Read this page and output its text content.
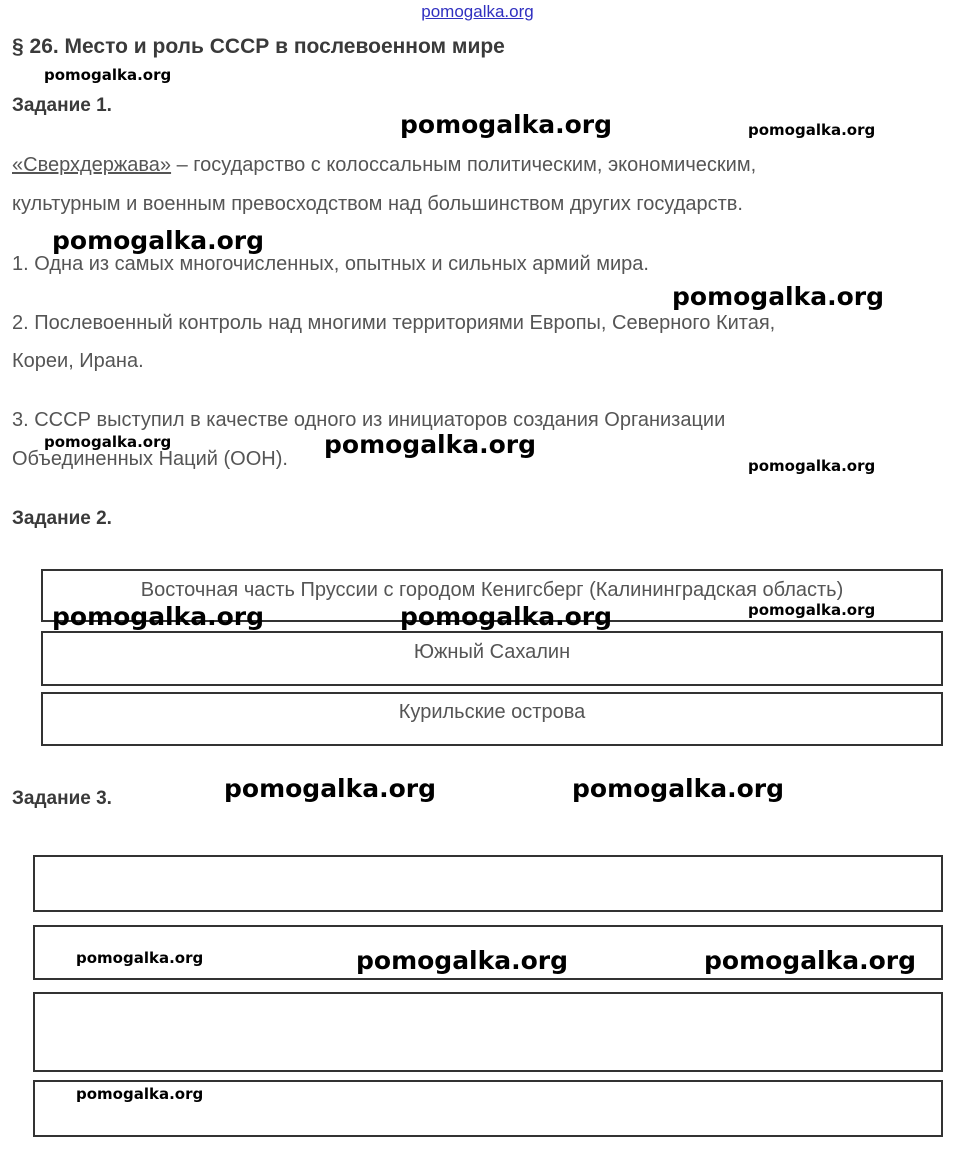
pomogalka.org
§ 26. Место и роль СССР в послевоенном мире
Задание 1.
«Сверхдержава» – государство с колоссальным политическим, экономическим,
культурным и военным превосходством над большинством других государств.
1. Одна из самых многочисленных, опытных и сильных армий мира.
2. Послевоенный контроль над многими территориями Европы, Северного Китая,
Кореи, Ирана.
3. СССР выступил в качестве одного из инициаторов создания Организации
Объединенных Наций (ООН).
Задание 2.
Восточная часть Пруссии с городом Кенигсберг (Калининградская область)
Южный Сахалин
Курильские острова
Задание 3.
pomogalka.org
pomogalka.org	pomogalka.org
pomogalka.org
pomogalka.org
pomogalka.org	pomogalka.org
pomogalka.org
pomogalka.org	pomogalka.org	pomogalka.org
pomogalka.org	pomogalka.org
pomogalka.org	pomogalka.org	pomogalka.org
pomogalka.org
